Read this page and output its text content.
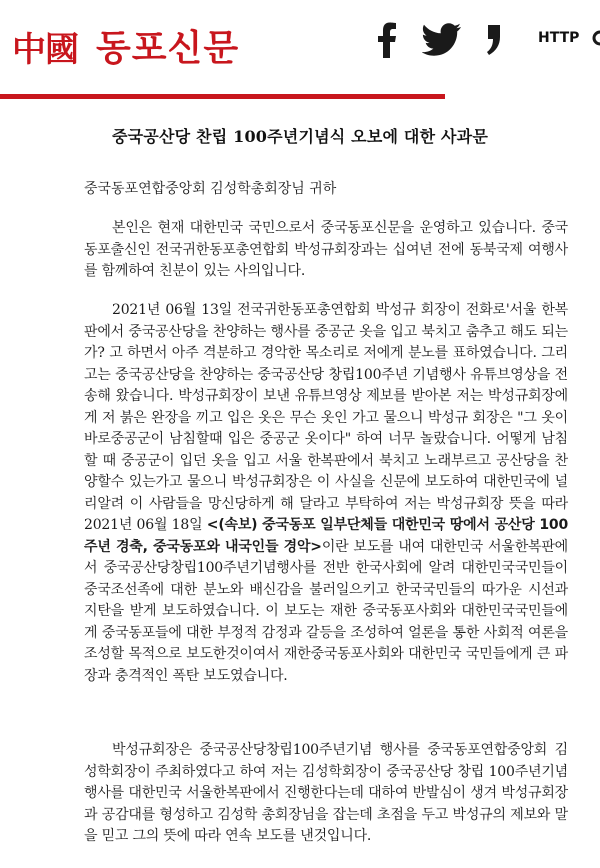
中國 동포신문	HTTP
중국공산당 찬립 100주년기념식 오보에 대한 사과문
중국동포연합중앙회 김성학총회장님 귀하

본인은 현재 대한민국 국민으로서 중국동포신문을 운영하고 있습니다. 중국동포출신인 전국귀한동포총연합회 박성규회장과는 십여년 전에 동북국제 여행사를 함께하여 친분이 있는 사의입니다.

2021년 06월 13일 전국귀한동포총연합회 박성규 회장이 전화로'서울 한복판에서 중국공산당을 찬양하는 행사를 중공군 옷을 입고 북치고 춤추고 해도 되는가? 고 하면서 아주 격분하고 경악한 목소리로 저에게 분노를 표하였습니다. 그리고는 중국공산당을 찬양하는 중국공산당 창립100주년 기념행사 유튜브영상을 전송해 왔습니다. 박성규회장이 보낸 유튜브영상 제보를 받아본 저는 박성규회장에게 저 붉은 완장을 끼고 입은 옷은 무슨 옷인 가고 물으니 박성규 회장은 "그 옷이 바로중공군이 남침할때 입은 중공군 옷이다" 하여 너무 놀랐습니다. 어떻게 남침할 때 중공군이 입던 옷을 입고 서울 한복판에서 북치고 노래부르고 공산당을 찬양할수 있는가고 물으니 박성규회장은 이 사실을 신문에 보도하여 대한민국에 널리알려 이 사람들을 망신당하게 해 달라고 부탁하여 저는 박성규회장 뜻을 따라 2021년 06월 18일 <(속보) 중국동포 일부단체들 대한민국 땅에서 공산당 100주년 경축, 중국동포와 내국인들 경악>이란 보도를 내여 대한민국 서울한복판에서 중국공산당창립100주년기념행사를 전반 한국사회에 알려 대한민국국민들이 중국조선족에 대한 분노와 배신감을 불러일으키고 한국국민들의 따가운 시선과 지탄을 받게 보도하였습니다. 이 보도는 재한 중국동포사회와 대한민국국민들에게 중국동포들에 대한 부정적 감정과 갈등을 조성하여 얼론을 통한 사회적 여론을 조성할 목적으로 보도한것이여서 재한중국동포사회와 대한민국 국민들에게 큰 파장과 충격적인 폭탄 보도였습니다.

박성규회장은 중국공산당창립100주년기념 행사를 중국동포연합중앙회 김성학회장이 주최하였다고 하여 저는 김성학회장이 중국공산당 창립 100주년기념행사를 대한민국 서울한복판에서 진행한다는데 대하여 반발심이 생겨 박성규회장과 공감대를 형성하고 김성학 총회장님을 잡는데 초점을 두고 박성규의 제보와 말을 믿고 그의 뜻에 따라 연속 보도를 낸것입니다.
